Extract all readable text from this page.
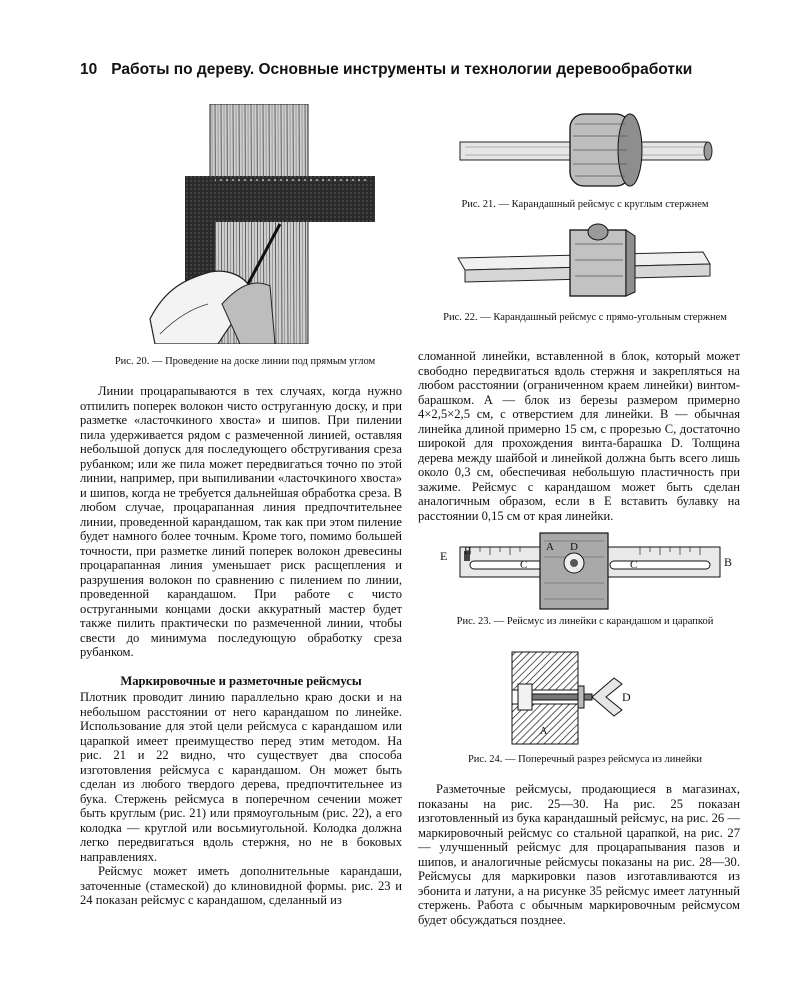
10 Работы по дереву. Основные инструменты и технологии деревообработки
Рис. 20. — Проведение на доске линии под прямым углом
Рис. 21. — Карандашный рейсмус с круглым стержнем
Рис. 22. — Карандашный рейсмус с прямо-угольным стержнем

Линии процарапываются в тех случаях, когда нужно отпилить поперек волокон чисто оструганную доску, и при разметке «ласточкиного хвоста» и шипов. При пилении пила удерживается рядом с размеченной линией, оставляя небольшой допуск для последующего обстругивания среза рубанком; или же пила может передвигаться точно по этой линии, например, при выпиливании «ласточкиного хвоста» и шипов, когда не требуется дальнейшая обработка среза. В любом случае, процарапанная линия предпочтительнее линии, проведенной карандашом, так как при этом пиление будет намного более точным. Кроме того, помимо большей точности, при разметке линий поперек волокон древесины процарапанная линия уменьшает риск расщепления и разрушения волокон по сравнению с пилением по линии, проведенной карандашом. При работе с чисто оструганными концами доски аккуратный мастер будет также пилить практически по размеченной линии, чтобы свести до минимума последующую обработку среза рубанком.

Маркировочные и разметочные рейсмусы

Плотник проводит линию параллельно краю доски и на небольшом расстоянии от него карандашом по линейке. Использование для этой цели рейсмуса с карандашом или царапкой имеет преимущество перед этим методом. На рис. 21 и 22 видно, что существует два способа изготовления рейсмуса с карандашом. Он может быть сделан из любого твердого дерева, предпочтительнее из бука. Стержень рейсмуса в поперечном сечении может быть круглым (рис. 21) или прямоугольным (рис. 22), а его колодка — круглой или восьмиугольной. Колодка должна легко передвигаться вдоль стержня, но не в боковых направлениях.

Рейсмус может иметь дополнительные карандаши, заточенные (стамеской) до клиновидной формы. рис. 23 и 24 показан рейсмус с карандашом, сделанный из

сломанной линейки, вставленной в блок, который может свободно передвигаться вдоль стержня и закрепляться на любом расстоянии (ограниченном краем линейки) винтом-барашком. А — блок из березы размером примерно 4×2,5×2,5 см, с отверстием для линейки. В — обычная линейка длиной примерно 15 см, с прорезью С, достаточно широкой для прохождения винта-барашка D. Толщина дерева между шайбой и линейкой должна быть всего лишь около 0,3 см, обеспечивая небольшую пластичность при зажиме. Рейсмус с карандашом может быть сделан аналогичным образом, если в Е вставить булавку на расстоянии 0,15 см от края линейки.

E B
C
A D
C	B
Рис. 23. — Рейсмус из линейки с карандашом и царапкой
D
A
Рис. 24. — Поперечный разрез рейсмуса из линейки

Разметочные рейсмусы, продающиеся в магазинах, показаны на рис. 25—30. На рис. 25 показан изготовленный из бука карандашный рейсмус, на рис. 26 — маркировочный рейсмус со стальной царапкой, на рис. 27 — улучшенный рейсмус для процарапывания пазов и шипов, и аналогичные рейсмусы показаны на рис. 28—30. Рейсмусы для маркировки пазов изготавливаются из эбонита и латуни, а на рисунке 35 рейсмус имеет латунный стержень. Работа с обычным маркировочным рейсмусом будет обсуждаться позднее.
